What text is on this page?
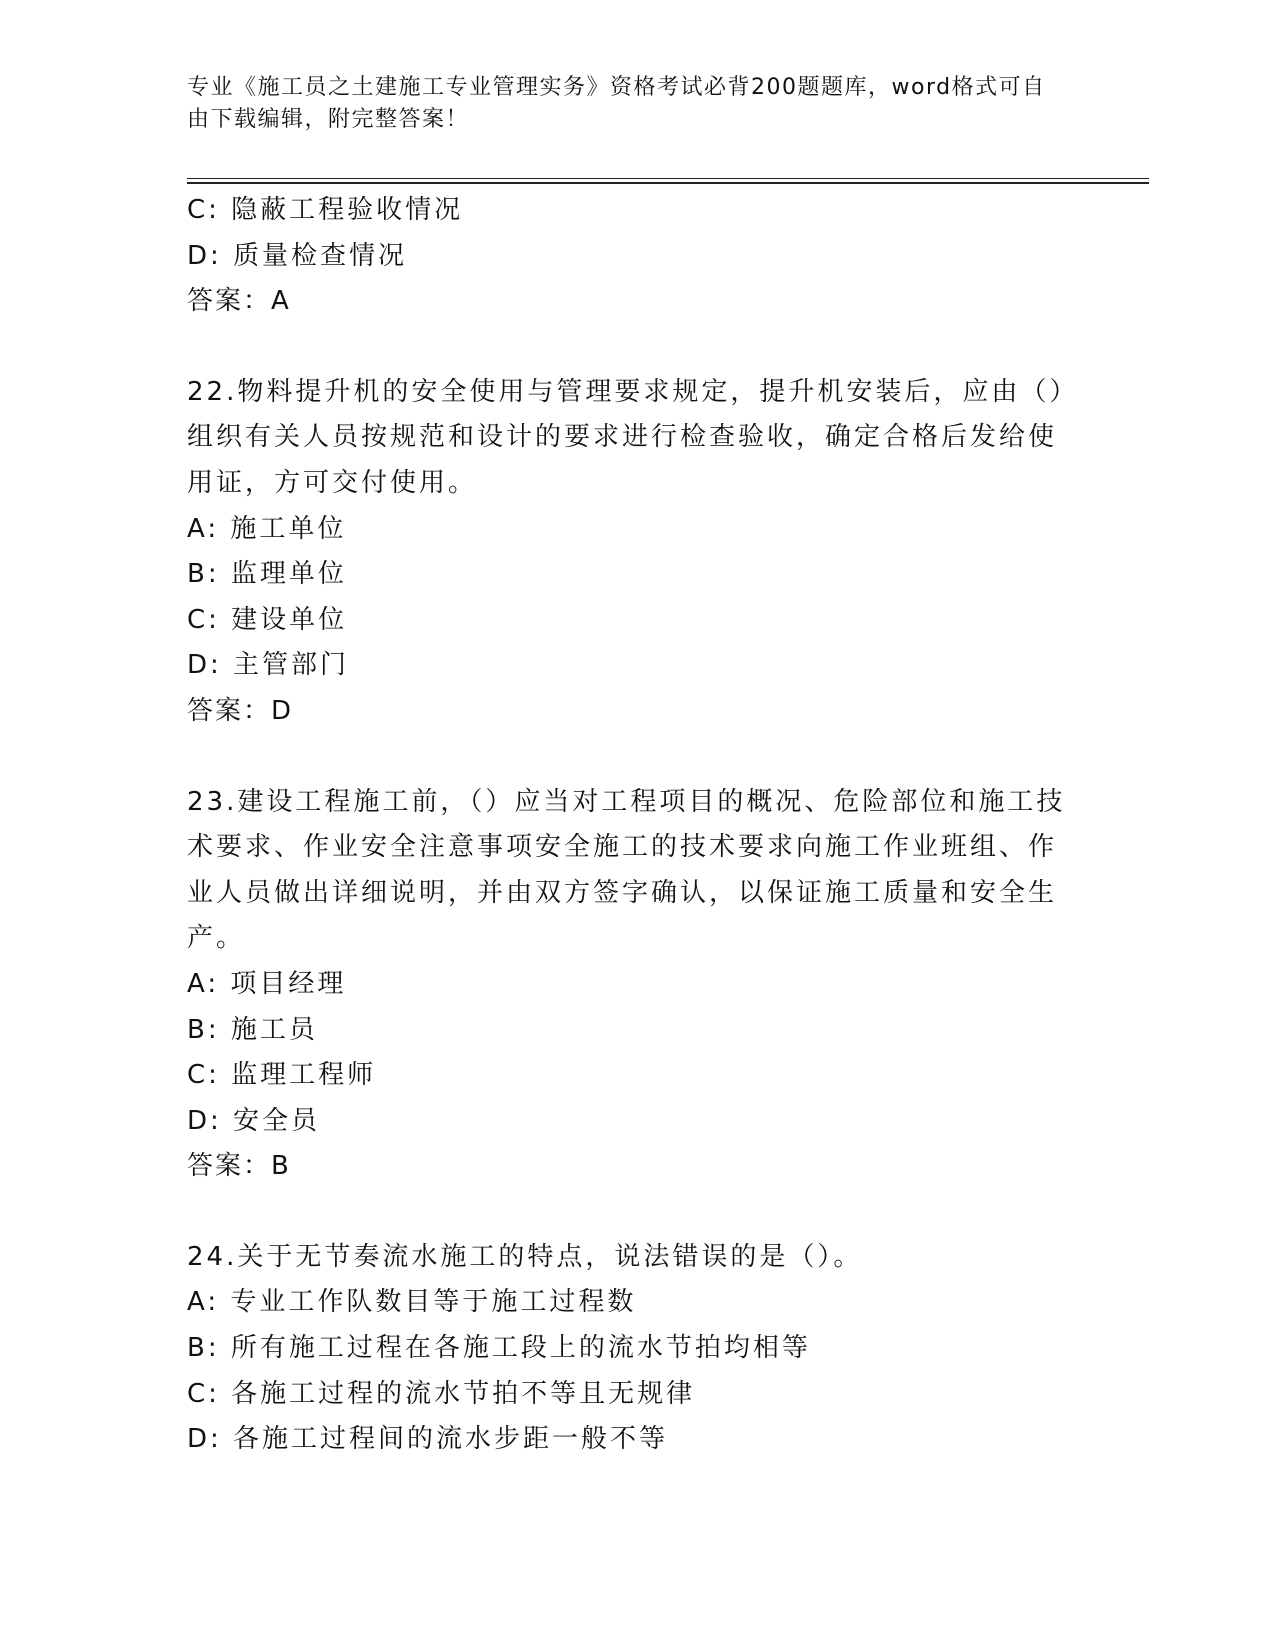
专业《施工员之土建施工专业管理实务》资格考试必背200题题库，word格式可自由下载编辑，附完整答案！
C: 隐蔽工程验收情况
D: 质量检查情况
答案：A
22.物料提升机的安全使用与管理要求规定，提升机安装后，应由（）组织有关人员按规范和设计的要求进行检查验收，确定合格后发给使用证，方可交付使用。
A: 施工单位
B: 监理单位
C: 建设单位
D: 主管部门
答案：D
23.建设工程施工前，（）应当对工程项目的概况、危险部位和施工技术要求、作业安全注意事项安全施工的技术要求向施工作业班组、作业人员做出详细说明，并由双方签字确认，以保证施工质量和安全生产。
A: 项目经理
B: 施工员
C: 监理工程师
D: 安全员
答案：B
24.关于无节奏流水施工的特点，说法错误的是（）。
A: 专业工作队数目等于施工过程数
B: 所有施工过程在各施工段上的流水节拍均相等
C: 各施工过程的流水节拍不等且无规律
D: 各施工过程间的流水步距一般不等
